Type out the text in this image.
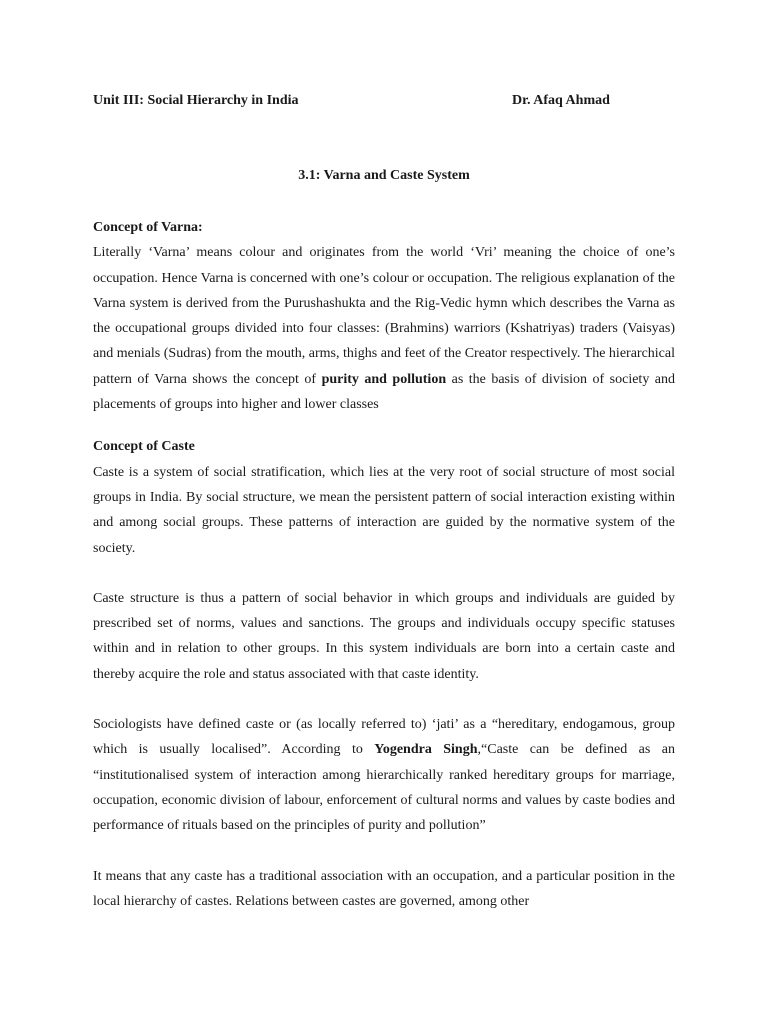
Unit III: Social Hierarchy in India	Dr. Afaq Ahmad
3.1: Varna and Caste System
Concept of Varna:

Literally ‘Varna’ means colour and originates from the world ‘Vri’ meaning the choice of one’s occupation. Hence Varna is concerned with one’s colour or occupation. The religious explanation of the Varna system is derived from the Purushashukta and the Rig-Vedic hymn which describes the Varna as the occupational groups divided into four classes: (Brahmins) warriors (Kshatriyas) traders (Vaisyas) and menials (Sudras) from the mouth, arms, thighs and feet of the Creator respectively. The hierarchical pattern of Varna shows the concept of purity and pollution as the basis of division of society and placements of groups into higher and lower classes

Concept of Caste

Caste is a system of social stratification, which lies at the very root of social structure of most social groups in India. By social structure, we mean the persistent pattern of social interaction existing within and among social groups. These patterns of interaction are guided by the normative system of the society.

Caste structure is thus a pattern of social behavior in which groups and individuals are guided by prescribed set of norms, values and sanctions. The groups and individuals occupy specific statuses within and in relation to other groups. In this system individuals are born into a certain caste and thereby acquire the role and status associated with that caste identity.

Sociologists have defined caste or (as locally referred to) ‘jati’ as a “hereditary, endogamous, group which is usually localised”. According to Yogendra Singh,“Caste can be defined as an “institutionalised system of interaction among hierarchically ranked hereditary groups for marriage, occupation, economic division of labour, enforcement of cultural norms and values by caste bodies and performance of rituals based on the principles of purity and pollution”

It means that any caste has a traditional association with an occupation, and a particular position in the local hierarchy of castes. Relations between castes are governed, among other
